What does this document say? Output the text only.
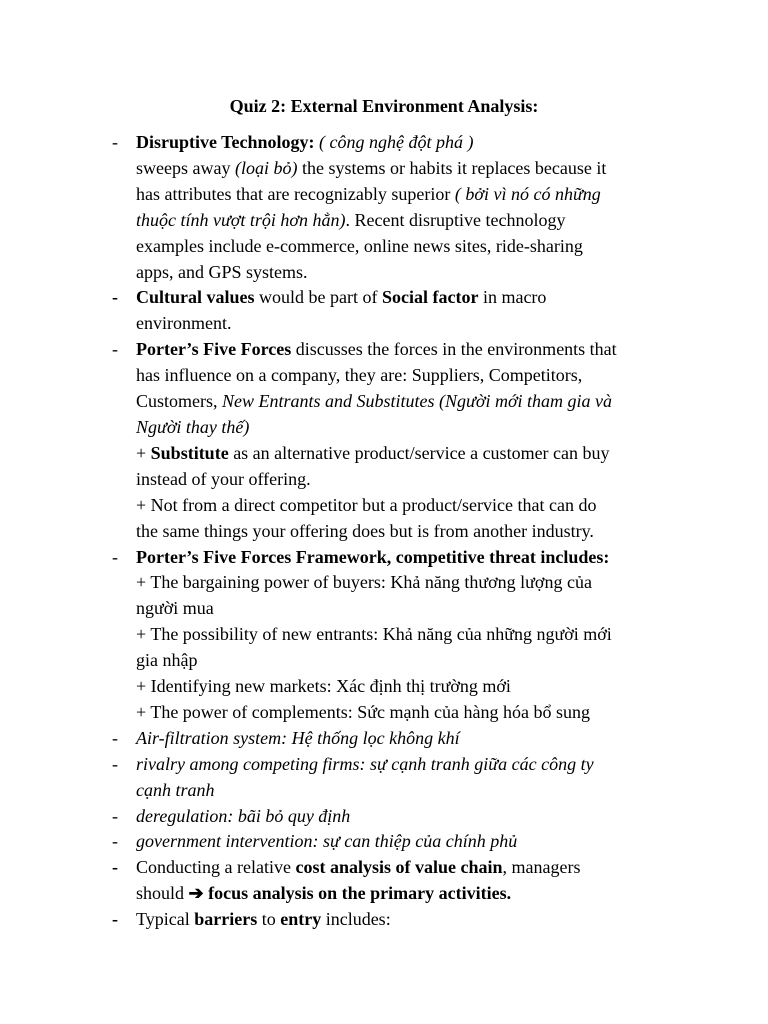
Quiz 2: External Environment Analysis:
- Disruptive Technology: ( công nghệ đột phá )
sweeps away (loại bỏ) the systems or habits it replaces because it
has attributes that are recognizably superior ( bởi vì nó có những
thuộc tính vượt trội hơn hẳn). Recent disruptive technology
examples include e-commerce, online news sites, ride-sharing
apps, and GPS systems.
- Cultural values would be part of Social factor in macro
environment.
- Porter’s Five Forces discusses the forces in the environments that
has influence on a company, they are: Suppliers, Competitors,
Customers, New Entrants and Substitutes (Người mới tham gia và
Người thay thế)
+ Substitute as an alternative product/service a customer can buy
instead of your offering.
+ Not from a direct competitor but a product/service that can do
the same things your offering does but is from another industry.
- Porter’s Five Forces Framework, competitive threat includes:
+ The bargaining power of buyers: Khả năng thương lượng của
người mua
+ The possibility of new entrants: Khả năng của những người mới
gia nhập
+ Identifying new markets: Xác định thị trường mới
+ The power of complements: Sức mạnh của hàng hóa bổ sung
- Air-filtration system: Hệ thống lọc không khí
- rivalry among competing firms: sự cạnh tranh giữa các công ty
cạnh tranh
- deregulation: bãi bỏ quy định
- government intervention: sự can thiệp của chính phủ
- Conducting a relative cost analysis of value chain, managers
should ➔ focus analysis on the primary activities.
- Typical barriers to entry includes:
